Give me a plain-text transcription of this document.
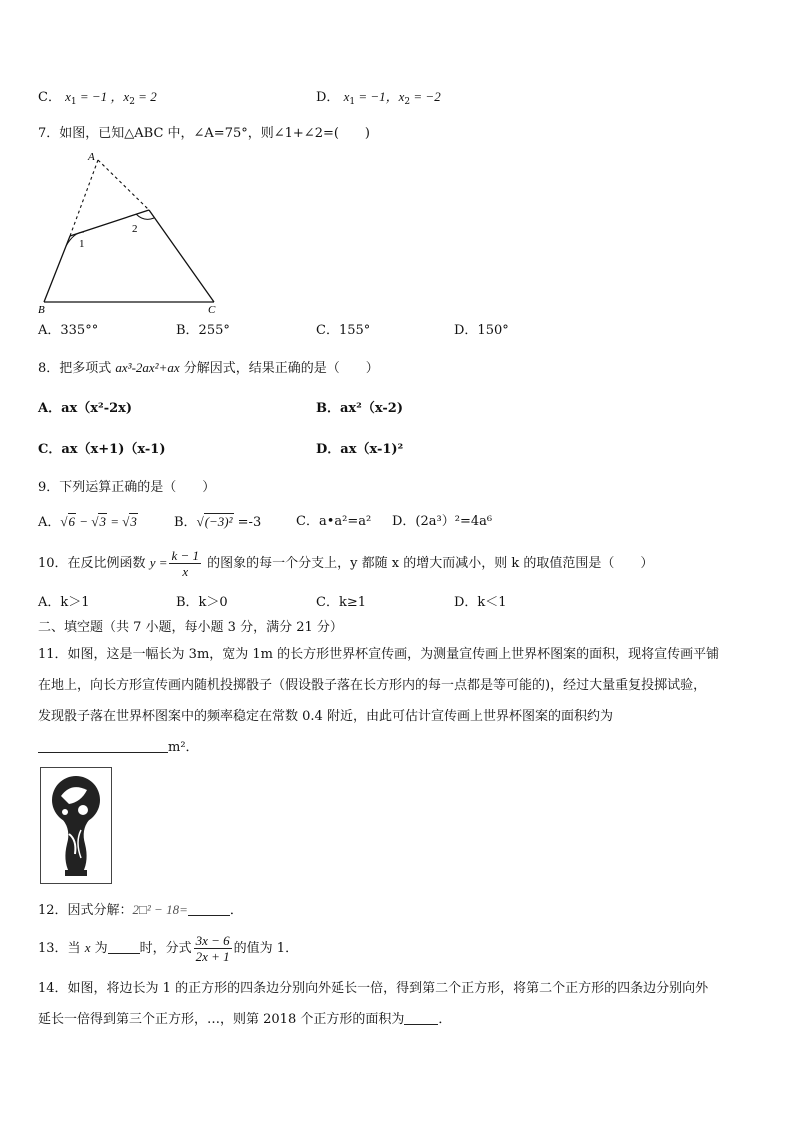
C． $x_1 = -1$ ，$x_2 = 2$	D． $x_1 = -1$，$x_2 = -2$
7．如图，已知△ABC 中，∠A=75°，则∠1+∠2=(　　)
A
B	C
1
2
A．335°°	B．255°	C．155°	D．150°
8．把多项式 ax³-2ax²+ax 分解因式，结果正确的是（　　）
A．ax（x²-2x)	B．ax²（x-2)
C．ax（x+1)（x-1)	D．ax（x-1)²
9．下列运算正确的是（　　）
A．√6 − √3 = √3	B．√(−3)² =-3	C．a•a²=a² D．(2a³）²=4a⁶
10．在反比例函数 $y = \frac{k - 1}{x}$ 的图象的每一个分支上，y 都随 x 的增大而减小，则 k 的取值范围是（　　）
A．k＞1	B．k＞0	C．k≥1	D．k＜1
二、填空题（共 7 小题，每小题 3 分，满分 21 分）
11．如图，这是一幅长为 3m，宽为 1m 的长方形世界杯宣传画，为测量宣传画上世界杯图案的面积，现将宣传画平铺
在地上，向长方形宣传画内随机投掷骰子（假设骰子落在长方形内的每一点都是等可能的)，经过大量重复投掷试验，
发现骰子落在世界杯图案中的频率稳定在常数 0.4 附近，由此可估计宣传画上世界杯图案的面积约为
m²．
12．因式分解：2□² − 18=	．
13．当 x 为 时，分式 $\frac{3x - 6}{2x + 1}$ 的值为 1．
14．如图，将边长为 1 的正方形的四条边分别向外延长一倍，得到第二个正方形，将第二个正方形的四条边分别向外
延长一倍得到第三个正方形，…，则第 2018 个正方形的面积为	．
